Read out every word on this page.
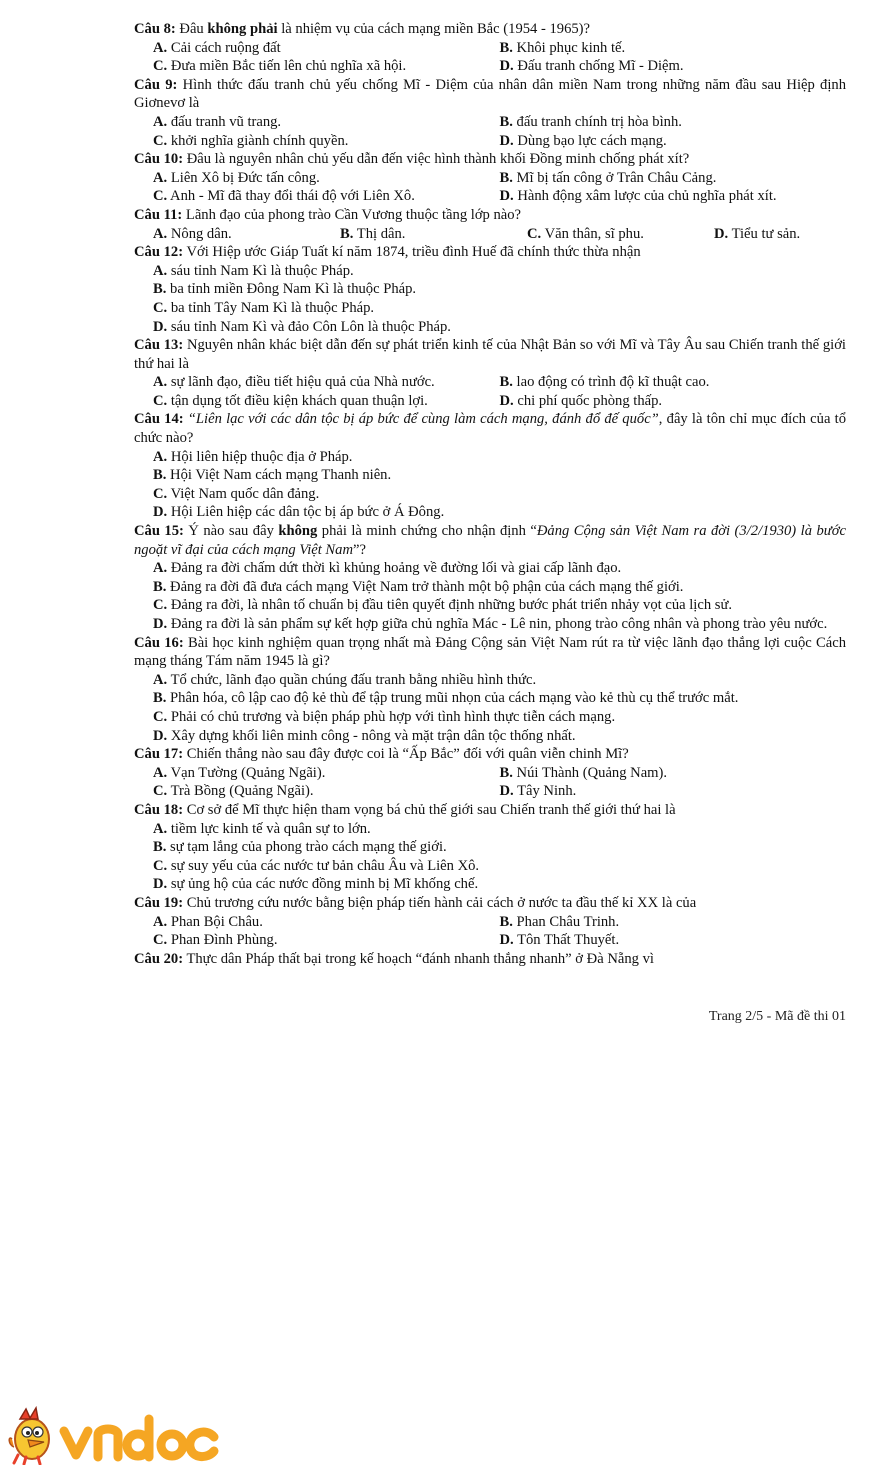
Câu 8: Đâu không phải là nhiệm vụ của cách mạng miền Bắc (1954 - 1965)?

A. Cải cách ruộng đất	B. Khôi phục kinh tế.
C. Đưa miền Bắc tiến lên chủ nghĩa xã hội.	D. Đấu tranh chống Mĩ - Diệm.

Câu 9: Hình thức đấu tranh chủ yếu chống Mĩ - Diệm của nhân dân miền Nam trong những năm đầu sau Hiệp định Giơnevơ là

A. đấu tranh vũ trang.	B. đấu tranh chính trị hòa bình.
C. khởi nghĩa giành chính quyền.	D. Dùng bạo lực cách mạng.

Câu 10: Đâu là nguyên nhân chủ yếu dẫn đến việc hình thành khối Đồng minh chống phát xít?

A. Liên Xô bị Đức tấn công.	B. Mĩ bị tấn công ở Trân Châu Cảng.
C. Anh - Mĩ đã thay đổi thái độ với Liên Xô.	D. Hành động xâm lược của chủ nghĩa phát xít.

Câu 11: Lãnh đạo của phong trào Cần Vương thuộc tầng lớp nào?

A. Nông dân.	B. Thị dân.	C. Văn thân, sĩ phu.	D. Tiểu tư sản.

Câu 12: Với Hiệp ước Giáp Tuất kí năm 1874, triều đình Huế đã chính thức thừa nhận

A. sáu tỉnh Nam Kì là thuộc Pháp.
B. ba tỉnh miền Đông Nam Kì là thuộc Pháp.
C. ba tỉnh Tây Nam Kì là thuộc Pháp.
D. sáu tỉnh Nam Kì và đảo Côn Lôn là thuộc Pháp.

Câu 13: Nguyên nhân khác biệt dẫn đến sự phát triển kinh tế của Nhật Bản so với Mĩ và Tây Âu sau Chiến tranh thế giới thứ hai là

A. sự lãnh đạo, điều tiết hiệu quả của Nhà nước.	B. lao động có trình độ kĩ thuật cao.
C. tận dụng tốt điều kiện khách quan thuận lợi.	D. chi phí quốc phòng thấp.

Câu 14: “Liên lạc với các dân tộc bị áp bức để cùng làm cách mạng, đánh đổ đế quốc”, đây là tôn chỉ mục đích của tổ chức nào?

A. Hội liên hiệp thuộc địa ở Pháp.
B. Hội Việt Nam cách mạng Thanh niên.
C. Việt Nam quốc dân đảng.
D. Hội Liên hiệp các dân tộc bị áp bức ở Á Đông.

Câu 15: Ý nào sau đây không phải là minh chứng cho nhận định “Đảng Cộng sản Việt Nam ra đời (3/2/1930) là bước ngoặt vĩ đại của cách mạng Việt Nam”?

A. Đảng ra đời chấm dứt thời kì khủng hoảng về đường lối và giai cấp lãnh đạo.
B. Đảng ra đời đã đưa cách mạng Việt Nam trở thành một bộ phận của cách mạng thế giới.
C. Đảng ra đời, là nhân tố chuẩn bị đầu tiên quyết định những bước phát triển nhảy vọt của lịch sử.
D. Đảng ra đời là sản phẩm sự kết hợp giữa chủ nghĩa Mác - Lê nin, phong trào công nhân và phong trào yêu nước.

Câu 16: Bài học kinh nghiệm quan trọng nhất mà Đảng Cộng sản Việt Nam rút ra từ việc lãnh đạo thắng lợi cuộc Cách mạng tháng Tám năm 1945 là gì?

A. Tổ chức, lãnh đạo quần chúng đấu tranh bằng nhiều hình thức.
B. Phân hóa, cô lập cao độ kẻ thù để tập trung mũi nhọn của cách mạng vào kẻ thù cụ thể trước mắt.
C. Phải có chủ trương và biện pháp phù hợp với tình hình thực tiễn cách mạng.
D. Xây dựng khối liên minh công - nông và mặt trận dân tộc thống nhất.

Câu 17: Chiến thắng nào sau đây được coi là “Ấp Bắc” đối với quân viễn chinh Mĩ?

A. Vạn Tường (Quảng Ngãi).	B. Núi Thành (Quảng Nam).
C. Trà Bồng (Quảng Ngãi).	D. Tây Ninh.

Câu 18: Cơ sở để Mĩ thực hiện tham vọng bá chủ thế giới sau Chiến tranh thế giới thứ hai là

A. tiềm lực kinh tế và quân sự to lớn.
B. sự tạm lắng của phong trào cách mạng thế giới.
C. sự suy yếu của các nước tư bản châu Âu và Liên Xô.
D. sự ủng hộ của các nước đồng minh bị Mĩ khống chế.

Câu 19: Chủ trương cứu nước bằng biện pháp tiến hành cải cách ở nước ta đầu thế kỉ XX là của

A. Phan Bội Châu.	B. Phan Châu Trinh.
C. Phan Đình Phùng.	D. Tôn Thất Thuyết.

Câu 20: Thực dân Pháp thất bại trong kế hoạch “đánh nhanh thắng nhanh” ở Đà Nẵng vì

Trang 2/5 - Mã đề thi 01
